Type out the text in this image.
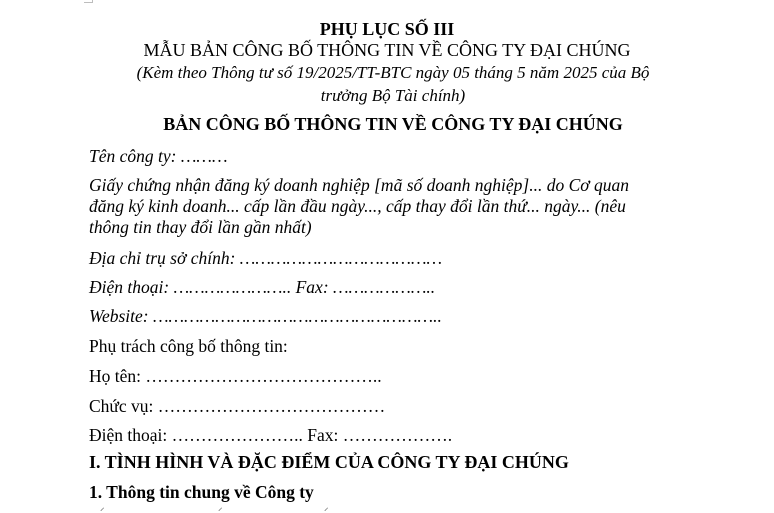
PHỤ LỤC SỐ III
MẪU BẢN CÔNG BỐ THÔNG TIN VỀ CÔNG TY ĐẠI CHÚNG
(Kèm theo Thông tư số 19/2025/TT-BTC ngày 05 tháng 5 năm 2025 của Bộ
trưởng Bộ Tài chính)
BẢN CÔNG BỐ THÔNG TIN VỀ CÔNG TY ĐẠI CHÚNG
Tên công ty: ………
Giấy chứng nhận đăng ký doanh nghiệp [mã số doanh nghiệp]... do Cơ quan
đăng ký kinh doanh... cấp lần đầu ngày..., cấp thay đổi lần thứ... ngày... (nêu
thông tin thay đổi lần gần nhất)
Địa chỉ trụ sở chính: …………………………………
Điện thoại: ………………….. Fax: ………………..
Website: ………………………………………………..
Phụ trách công bố thông tin:
Họ tên: …………………………………..
Chức vụ: …………………………………
Điện thoại: ………………….. Fax: ……………….
I. TÌNH HÌNH VÀ ĐẶC ĐIỂM CỦA CÔNG TY ĐẠI CHÚNG
1. Thông tin chung về Công ty
⸍	⸍	⸍
